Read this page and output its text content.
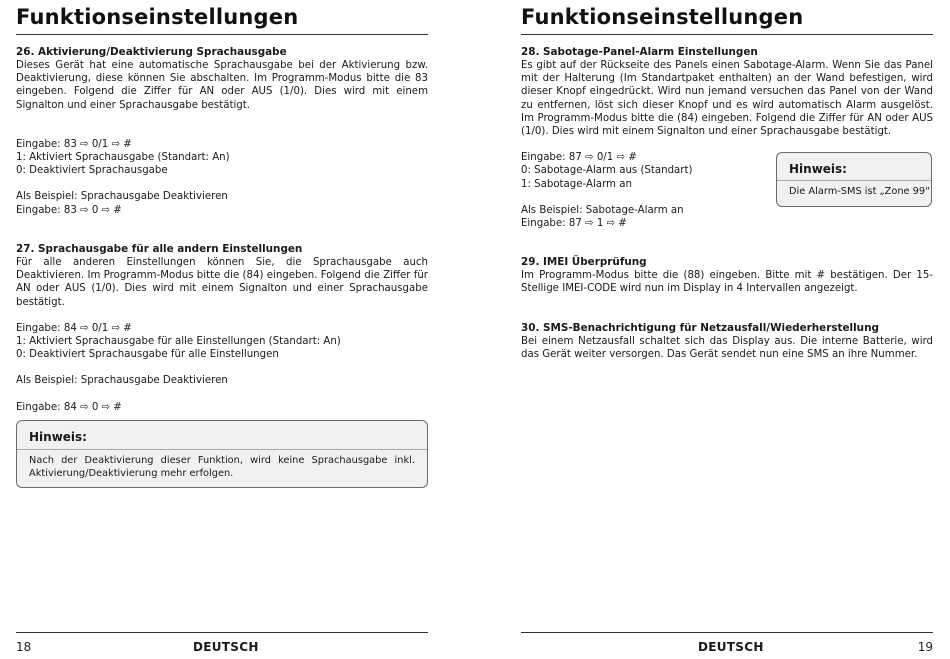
Funktionseinstellungen
26. Aktivierung/Deaktivierung Sprachausgabe
Dieses Gerät hat eine automatische Sprachausgabe bei der Aktivierung bzw. Deaktivierung, diese können Sie abschalten. Im Programm-Modus bitte die 83 eingeben. Folgend die Ziffer für AN oder AUS (1/0). Dies wird mit einem Signalton und einer Sprachausgabe bestätigt.
Eingabe: 83 ⇨ 0/1 ⇨ #
1: Aktiviert Sprachausgabe (Standart: An)
0: Deaktiviert Sprachausgabe
Als Beispiel: Sprachausgabe Deaktivieren
Eingabe: 83 ⇨ 0 ⇨ #
27. Sprachausgabe für alle andern Einstellungen
Für alle anderen Einstellungen können Sie, die Sprachausgabe auch Deaktivieren. Im Programm-Modus bitte die (84) eingeben. Folgend die Ziffer für AN oder AUS (1/0). Dies wird mit einem Signalton und einer Sprachausgabe bestätigt.
Eingabe: 84 ⇨ 0/1 ⇨ #
1: Aktiviert Sprachausgabe für alle Einstellungen (Standart: An)
0: Deaktiviert Sprachausgabe für alle Einstellungen
Als Beispiel: Sprachausgabe Deaktivieren
Eingabe: 84 ⇨ 0 ⇨ #
Hinweis:
Nach der Deaktivierung dieser Funktion, wird keine Sprachausgabe inkl. Aktivierung/Deaktivierung mehr erfolgen.
18	DEUTSCH
Funktionseinstellungen
28. Sabotage-Panel-Alarm Einstellungen
Es gibt auf der Rückseite des Panels einen Sabotage-Alarm. Wenn Sie das Panel mit der Halterung (Im Standartpaket enthalten) an der Wand befestigen, wird dieser Knopf eingedrückt. Wird nun jemand versuchen das Panel von der Wand zu entfernen, löst sich dieser Knopf und es wird automatisch Alarm ausgelöst. Im Programm-Modus bitte die (84) eingeben. Folgend die Ziffer für AN oder AUS (1/0). Dies wird mit einem Signalton und einer Sprachausgabe bestätigt.
Eingabe: 87 ⇨ 0/1 ⇨ #
0: Sabotage-Alarm aus (Standart)
1: Sabotage-Alarm an
Als Beispiel: Sabotage-Alarm an
Eingabe: 87 ⇨ 1 ⇨ #
Hinweis:
Die Alarm-SMS ist „Zone 99“
29. IMEI Überprüfung
Im Programm-Modus bitte die (88) eingeben. Bitte mit # bestätigen. Der 15-Stellige IMEI-CODE wird nun im Display in 4 Intervallen angezeigt.
30. SMS-Benachrichtigung für Netzausfall/Wiederherstellung
Bei einem Netzausfall schaltet sich das Display aus. Die interne Batterie, wird das Gerät weiter versorgen. Das Gerät sendet nun eine SMS an ihre Nummer.
DEUTSCH	19
